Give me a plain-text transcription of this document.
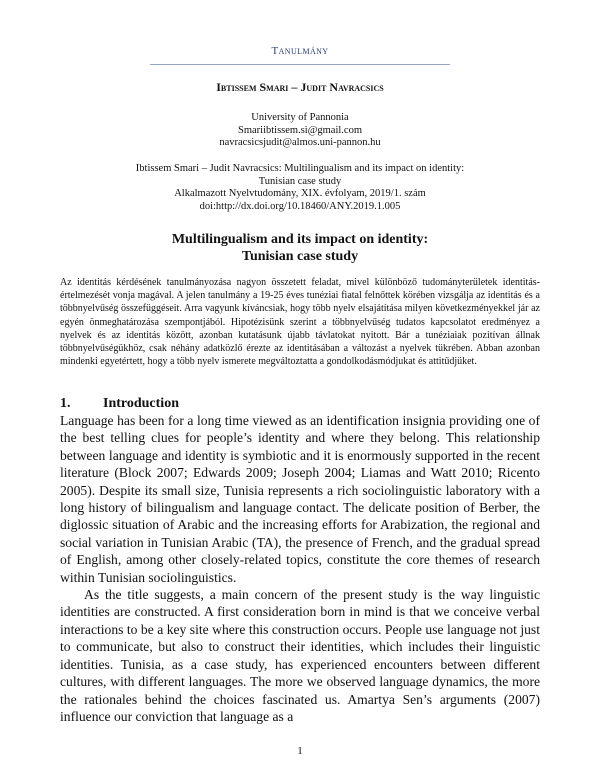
Tanulmány
Ibtissem Smari – Judit Navracsics
University of Pannonia
Smariibtissem.si@gmail.com
navracsicsjudit@almos.uni-pannon.hu
Ibtissem Smari – Judit Navracsics: Multilingualism and its impact on identity:
Tunisian case study
Alkalmazott Nyelvtudomány, XIX. évfolyam, 2019/1. szám
doi:http://dx.doi.org/10.18460/ANY.2019.1.005
Multilingualism and its impact on identity:
Tunisian case study

Az identitás kérdésének tanulmányozása nagyon összetett feladat, mivel különböző tudományterületek identitás-értelmezését vonja magával. A jelen tanulmány a 19-25 éves tunéziai fiatal felnőttek körében vizsgálja az identitás és a többnyelvűség összefüggéseit. Arra vagyunk kíváncsiak, hogy több nyelv elsajátítása milyen következményekkel jár az egyén önmeghatározása szempontjából. Hipotézisünk szerint a többnyelvűség tudatos kapcsolatot eredményez a nyelvek és az identitás között, azonban kutatásunk újabb távlatokat nyitott. Bár a tunéziaiak pozitívan állnak többnyelvűségükhöz, csak néhány adatközlő érezte az identitásában a változást a nyelvek tükrében. Abban azonban mindenki egyetértett, hogy a több nyelv ismerete megváltoztatta a gondolkodásmódjukat és attitűdjüket.

1. Introduction

Language has been for a long time viewed as an identification insignia providing one of the best telling clues for people’s identity and where they belong. This relationship between language and identity is symbiotic and it is enormously supported in the recent literature (Block 2007; Edwards 2009; Joseph 2004; Liamas and Watt 2010; Ricento 2005). Despite its small size, Tunisia represents a rich sociolinguistic laboratory with a long history of bilingualism and language contact. The delicate position of Berber, the diglossic situation of Arabic and the increasing efforts for Arabization, the regional and social variation in Tunisian Arabic (TA), the presence of French, and the gradual spread of English, among other closely-related topics, constitute the core themes of research within Tunisian sociolinguistics.

As the title suggests, a main concern of the present study is the way linguistic identities are constructed. A first consideration born in mind is that we conceive verbal interactions to be a key site where this construction occurs. People use language not just to communicate, but also to construct their identities, which includes their linguistic identities. Tunisia, as a case study, has experienced encounters between different cultures, with different languages. The more we observed language dynamics, the more the rationales behind the choices fascinated us. Amartya Sen’s arguments (2007) influence our conviction that language as a

1
